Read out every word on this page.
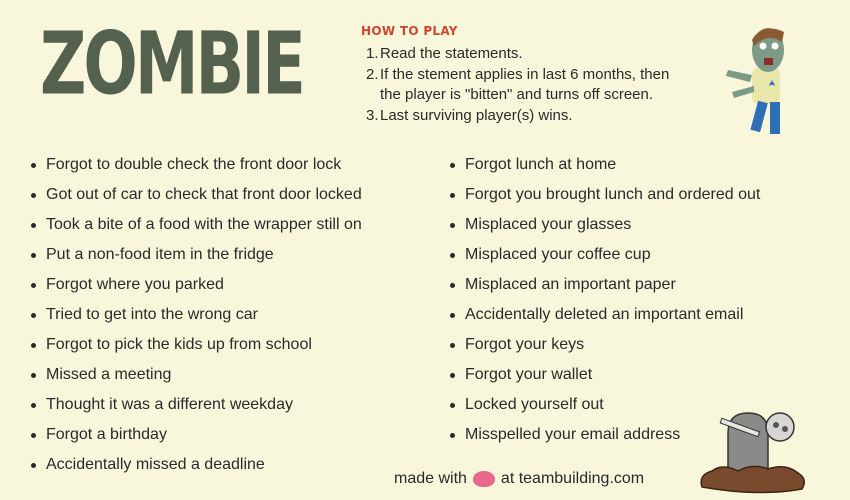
ZOMBIE	HOW TO PLAY
1. Read the statements.
2. If the stement applies in last 6 months, then
the player is "bitten" and turns off screen.
3. Last surviving player(s) wins.
Forgot to double check the front door lock
Got out of car to check that front door locked
Took a bite of a food with the wrapper still on
Put a non-food item in the fridge
Forgot where you parked
Tried to get into the wrong car
Forgot to pick the kids up from school
Missed a meeting
Thought it was a different weekday
Forgot a birthday
Accidentally missed a deadline
Forgot lunch at home
Forgot you brought lunch and ordered out
Misplaced your glasses
Misplaced your coffee cup
Misplaced an important paper
Accidentally deleted an important email
Forgot your keys
Forgot your wallet
Locked yourself out
Misspelled your email address
made with at teambuilding.com
